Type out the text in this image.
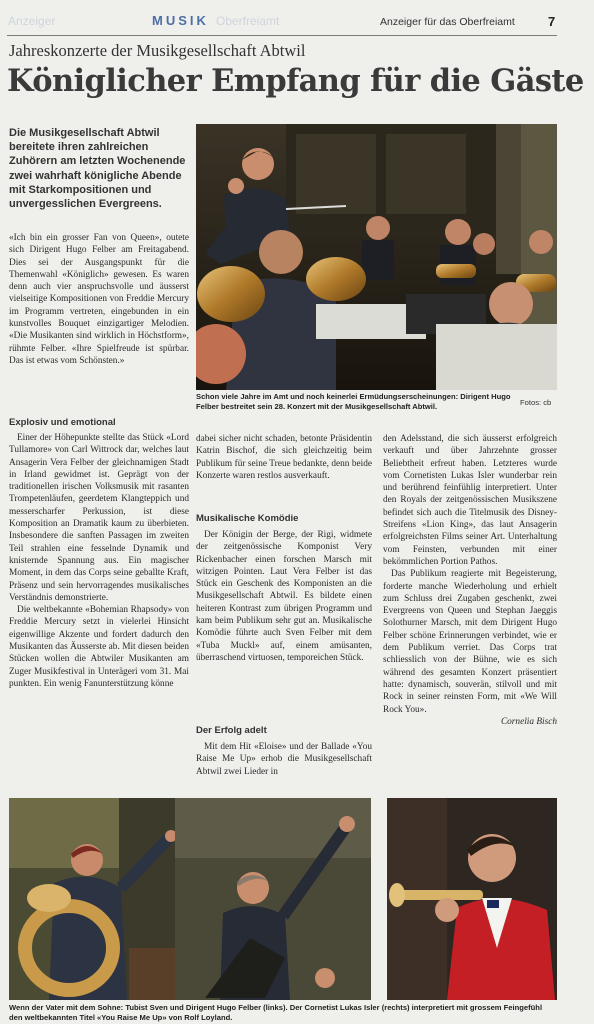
Anzeiger	MUSIK Oberfreiamt	Anzeiger für das Oberfreiamt	7
Jahreskonzerte der Musikgesellschaft Abtwil
Königlicher Empfang für die Gäste

Die Musikgesellschaft Abtwil bereitete ihren zahlreichen Zuhörern am letzten Wochenende zwei wahrhaft königliche Abende mit Starkompositionen und unvergesslichen Evergreens.

«Ich bin ein grosser Fan von Queen», outete sich Dirigent Hugo Felber am Freitagabend. Dies sei der Ausgangspunkt für die Themenwahl «Königlich» gewesen. Es waren denn auch vier anspruchsvolle und äusserst vielseitige Kompositionen von Freddie Mercury im Programm vertreten, eingebunden in ein kunstvolles Bouquet einzigartiger Melodien. «Die Musikanten sind wirklich in Höchstform», rühmte Felber. «Ihre Spielfreude ist spürbar. Das ist etwas vom Schönsten.»

Schon viele Jahre im Amt und noch keinerlei Ermüdungserscheinungen: Dirigent Hugo Felber bestreitet sein 28. Konzert mit der Musikgesellschaft Abtwil.	Fotos: cb
Explosiv und emotional

Einer der Höhepunkte stellte das Stück «Lord Tullamore» von Carl Wittrock dar, welches laut Ansagerin Vera Felber der gleichnamigen Stadt in Irland gewidmet ist. Geprägt von der traditionellen irischen Volksmusik mit rasanten Trompetenläufen, geerdetem Klangteppich und messerscharfer Perkussion, ist diese Komposition an Dramatik kaum zu überbieten. Insbesondere die sanften Passagen im zweiten Teil strahlen eine fesselnde Dynamik und knisternde Spannung aus. Ein magischer Moment, in dem das Corps seine geballte Kraft, Präsenz und sein hervorragendes musikalisches Verständnis demonstrierte.

Die weltbekannte «Bohemian Rhapsody» von Freddie Mercury setzt in vielerlei Hinsicht eigenwillige Akzente und fordert dadurch den Musikanten das Äusserste ab. Mit diesen beiden Stücken wollen die Abtwiler Musikanten am Zuger Musikfestival in Unterägeri vom 31. Mai punkten. Ein wenig Fanunterstützung könne

dabei sicher nicht schaden, betonte Präsidentin Katrin Bischof, die sich gleichzeitig beim Publikum für seine Treue bedankte, denn beide Konzerte waren restlos ausverkauft.

Musikalische Komödie

Der Königin der Berge, der Rigi, widmete der zeitgenössische Komponist Very Rickenbacher einen forschen Marsch mit witzigen Pointen. Laut Vera Felber ist das Stück ein Geschenk des Komponisten an die Musikgesellschaft Abtwil. Es bildete einen heiteren Kontrast zum übrigen Programm und kam beim Publikum sehr gut an. Musikalische Komödie führte auch Sven Felber mit dem «Tuba Muckl» auf, einem amüsanten, überraschend virtuosen, temporeichen Stück.

Der Erfolg adelt

Mit dem Hit «Eloise» und der Ballade «You Raise Me Up» erhob die Musikgesellschaft Abtwil zwei Lieder in

den Adelsstand, die sich äusserst erfolgreich verkauft und über Jahrzehnte grosser Beliebtheit erfreut haben. Letzteres wurde vom Cornetisten Lukas Isler wunderbar rein und berührend feinfühlig interpretiert. Unter den Royals der zeitgenössischen Musikszene befindet sich auch die Titelmusik des Disney-Streifens «Lion King», das laut Ansagerin erfolgreichsten Films seiner Art. Unterhaltung vom Feinsten, verbunden mit einer bekömmlichen Portion Pathos.

Das Publikum reagierte mit Begeisterung, forderte manche Wiederholung und erhielt zum Schluss drei Zugaben geschenkt, zwei Evergreens von Queen und Stephan Jaeggis Solothurner Marsch, mit dem Dirigent Hugo Felber schöne Erinnerungen verbindet, wie er dem Publikum verriet. Das Corps trat schliesslich von der Bühne, wie es sich während des gesamten Konzert präsentiert hatte: dynamisch, souverän, stilvoll und mit Rock in seiner reinsten Form, mit «We Will Rock You».

Cornelia Bisch

Wenn der Vater mit dem Sohne: Tubist Sven und Dirigent Hugo Felber (links). Der Cornetist Lukas Isler (rechts) interpretiert mit grossem Feingefühl den weltbekannten Titel «You Raise Me Up» von Rolf Loyland.
